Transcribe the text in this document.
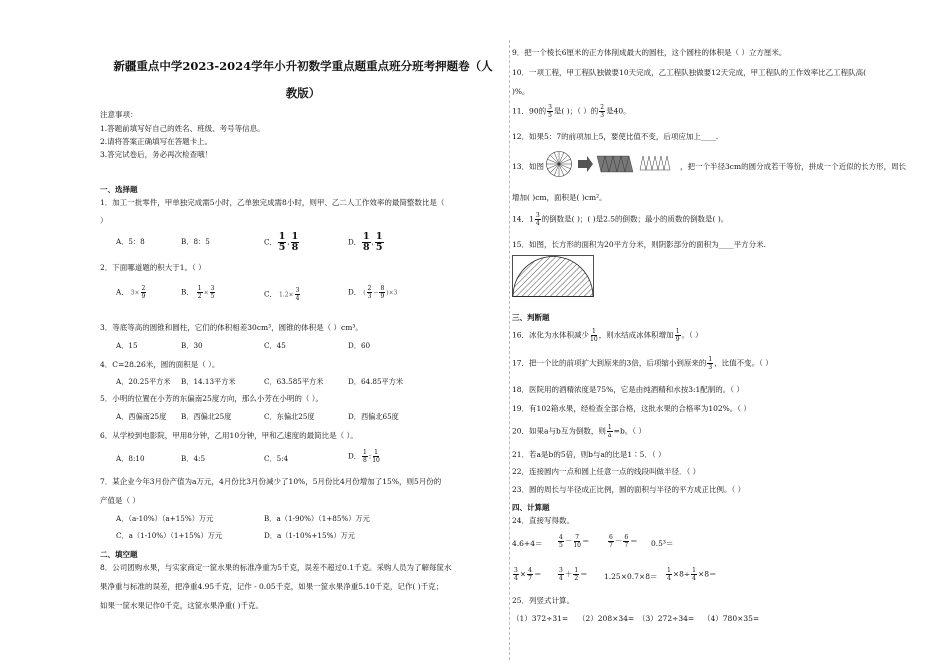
新疆重点中学2023-2024学年小升初数学重点题重点班分班考押题卷（人教版）
注意事项：
1.答题前填写好自己的姓名、班级、考号等信息。
2.请将答案正确填写在答题卡上。
3.答完试卷后，务必再次检查哦！
一、选择题
1．加工一批零件，甲单独完成需5小时，乙单独完成需8小时，则甲、乙二人工作效率的最简整数比是（
）
A．5：8	B．8：5	C． $\frac{1}{5}$ , $\frac{1}{8}$	D． $\frac{1}{8}$ , $\frac{1}{5}$
2．下面哪道题的积大于1。（ ）
A． $3\times \frac{2}{9}$	B． $\frac{1}{2} \times \frac{3}{5}$	C． $1.2\times \frac{3}{4}$	D． ( $\frac{2}{3} - \frac{8}{9} )\times 3$
3．等底等高的圆锥和圆柱，它们的体积相差30cm³，圆锥的体积是（ ）cm³。
A．15	B．30	C．45	D．60
4．C=28.26米，圆的面积是（ ）。
A．20.25平方米 B．14.13平方米	C．63.585平方米	D．64.85平方米
5．小明的位置在小芳的东偏南25度方向，那么小芳在小明的（ ）。
A．西偏南25度 B．西偏北25度	C．东偏北25度	D．西偏北65度
6．从学校到电影院，甲用8分钟，乙用10分钟，甲和乙速度的最简比是（ ）。
A．8:10	B．4:5	C．5:4	D． $\frac{1}{8}$ : $\frac{1}{10}$
7．某企业今年3月份产值为a万元，4月份比3月份减少了10%，5月份比4月份增加了15%，则5月份的
产值是（ ）
A．（a-10%）（a+15%）万元	B．a（1-90%）（1+85%）万元
C．a（1-10%）（1+15%）万元	D．a（1-10%+15%）万元
二、填空题
8．公司团购水果，与实家商定一筐水果的标准净重为5千克，误差不超过0.1千克。采购人员为了解每筐水
果净重与标准的误差，把净重4.95千克，记作 - 0.05千克，如果一筐水果净重5.10千克，记作( )千克；
如果一筐水果记作0千克，这筐水果净重( )千克。
9．把一个棱长6厘米的正方体削成最大的圆柱，这个圆柱的体积是（ ）立方厘米。
10．一项工程，甲工程队独做要10天完成，乙工程队独做要12天完成，甲工程队的工作效率比乙工程队高(
)%。
11．90的 $\frac{3}{5}$ 是( )；（ ）的 $\frac{2}{3}$ 是40。
12．如果5：7的前项加上5，要使比值不变，后项应加上____.
13．如图	，把一个半径3cm的圆分成若干等份，拼成一个近似的长方形，周长
增加( )cm，面积是( )cm²。
14．$1 \frac{3}{4}$ 的倒数是( )；( )是2.5的倒数；最小的质数的倒数是( )。
15．如图，长方形的面积为20平方分米，则阴影部分的面积为____平方分米.
三、判断题
16．冰化为水体积减少 $\frac{1}{10}$ ，则水结成冰体积增加 $\frac{1}{9}$ 。（ ）
17．把一个比的前项扩大到原来的3倍，后项缩小到原来的 $\frac{1}{3}$ ，比值不变。（ ）
18．医院用的酒精浓度是75%，它是由纯酒精和水按3:1配制的。（ ）
19．有102箱水果，经检查全部合格，这批水果的合格率为102%。（ ）
20．如果a与b互为倒数，则 $\frac{1}{a} =b$。（ ）
21．若a是b的5倍，则b与a的比是1∶5．（ ）
22．连接圆内一点和圆上任意一点的线段叫做半径．（ ）
23．圆的周长与半径成正比例，圆的面积与半径的平方成正比例。（ ）
四、计算题
24．直接写得数。
4.6+4＝	$\frac{4}{5} - \frac{7}{10}$ ＝	$\frac{6}{7} - \frac{6}{7} = 0.5^3=$
$\frac{3}{4} \times \frac{4}{7}$ ＝	$\frac{3}{4} + \frac{1}{2} = 1.25\times 0.7\times 8= \frac{1}{4} \times 8\div \frac{1}{4} \times 8=$
25．列竖式计算。
（1）372÷31= （2）208×34= （3）272÷34= （4）780×35=
